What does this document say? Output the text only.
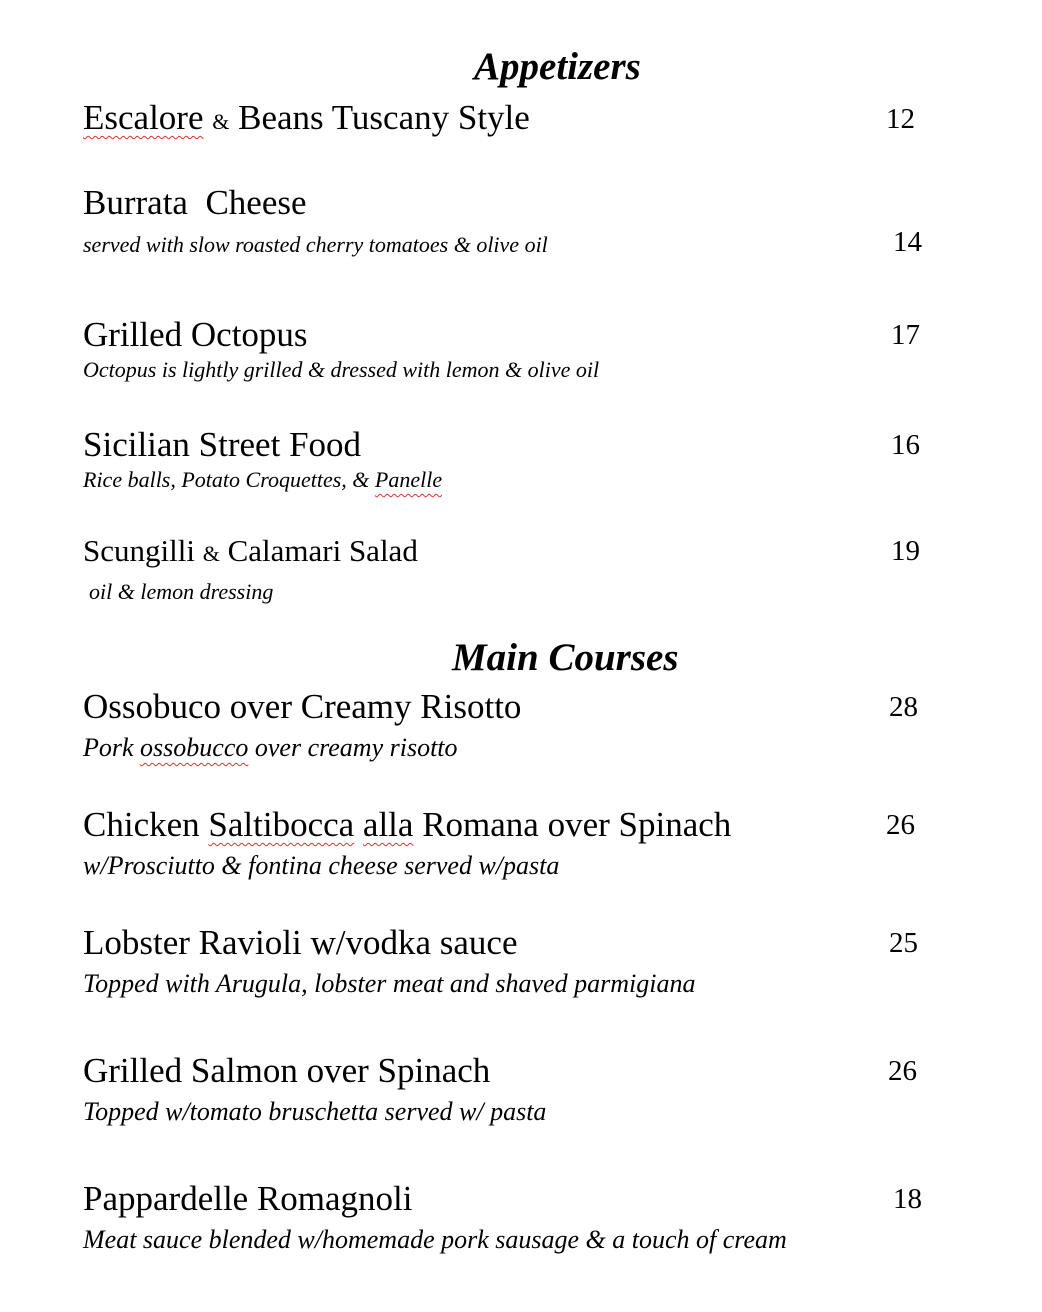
Appetizers
Escalore & Beans Tuscany Style	12
Burrata  Cheese
served with slow roasted cherry tomatoes & olive oil	14
Grilled Octopus
Octopus is lightly grilled & dressed with lemon & olive oil
17
Sicilian Street Food
Rice balls, Potato Croquettes, & Panelle
16
Scungilli & Calamari Salad
oil & lemon dressing
19
Main Courses
Ossobuco over Creamy Risotto
Pork ossobucco over creamy risotto
28
Chicken Saltibocca alla Romana over Spinach
w/Prosciutto & fontina cheese served w/pasta
26
Lobster Ravioli w/vodka sauce
Topped with Arugula, lobster meat and shaved parmigiana
25
Grilled Salmon over Spinach
Topped w/tomato bruschetta served w/ pasta
26
Pappardelle Romagnoli
Meat sauce blended w/homemade pork sausage & a touch of cream
18
